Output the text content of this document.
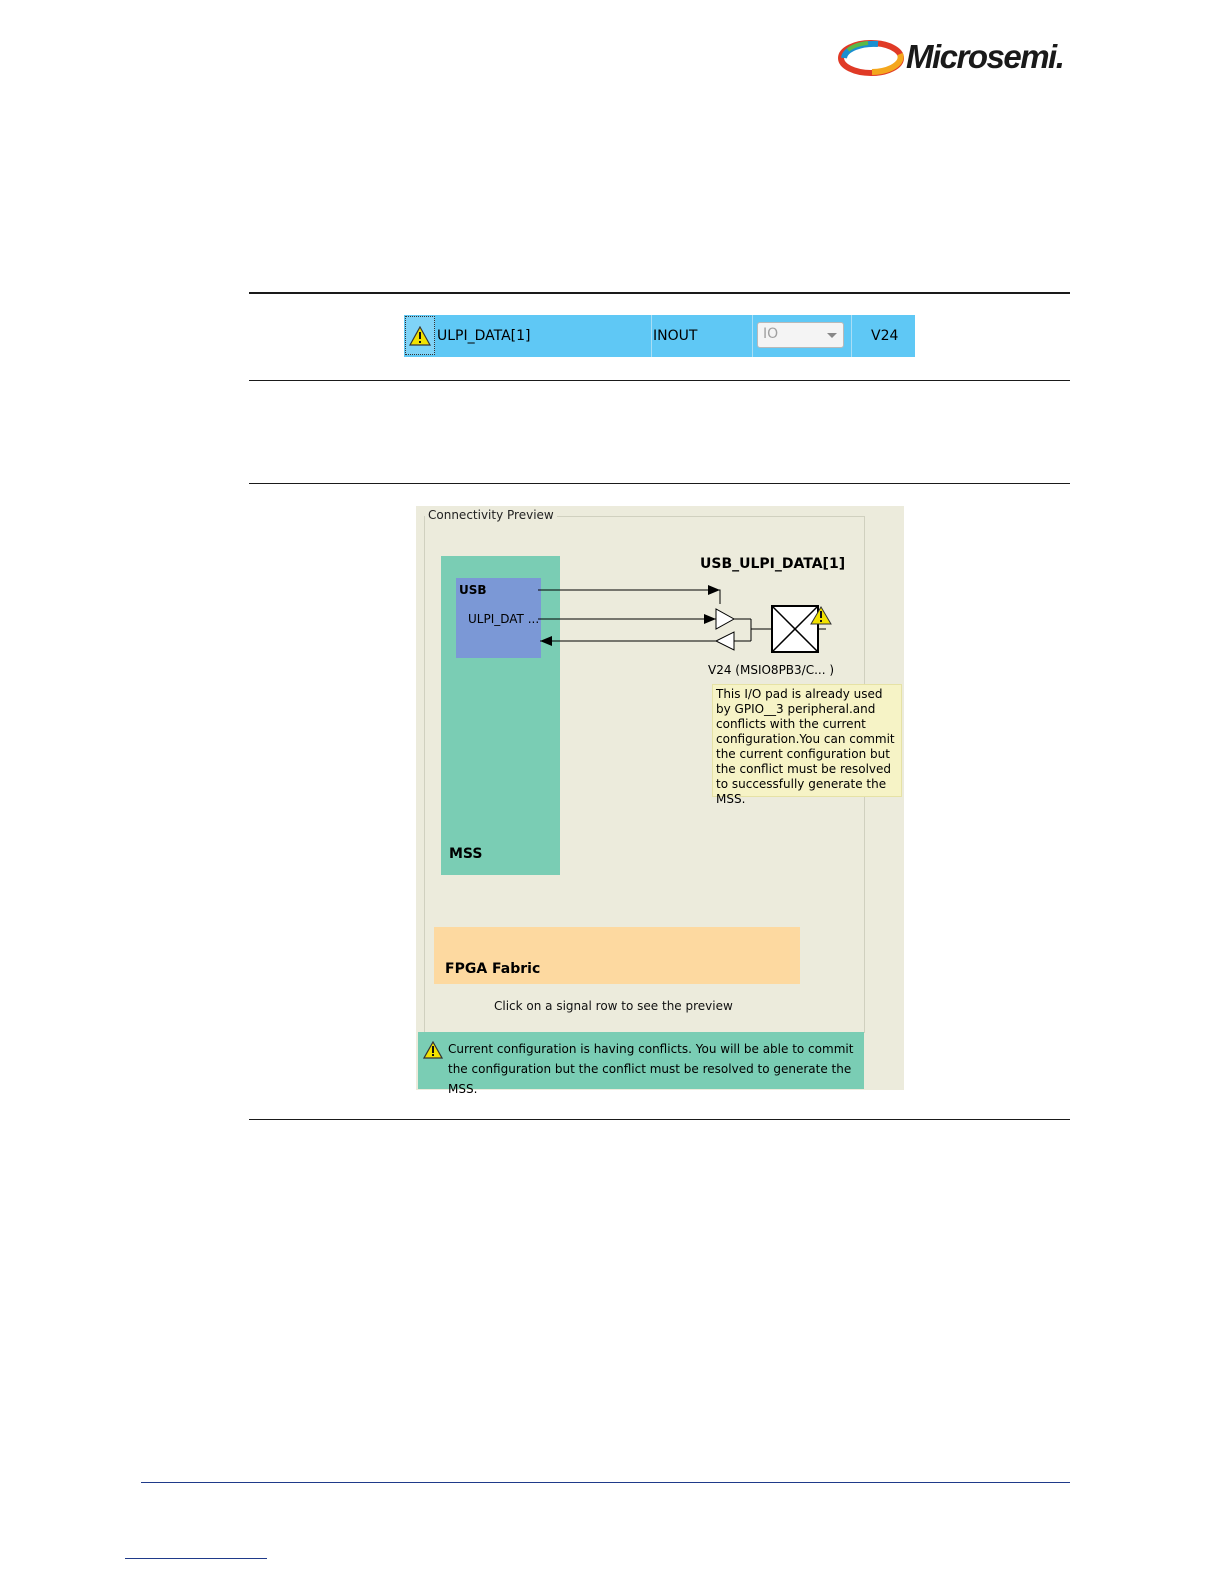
Microsemi.
ULPI_DATA[1]	INOUT	IO	V24
Connectivity Preview
MSS
USB
ULPI_DAT ...
USB_ULPI_DATA[1]
V24 (MSIO8PB3/C... )
This I/O pad is already used by GPIO__3 peripheral.and conflicts with the current configuration.You can commit the current configuration but the conflict must be resolved to successfully generate the MSS.
FPGA Fabric
Click on a signal row to see the preview
Current configuration is having conflicts. You will be able to commit the configuration but the conflict must be resolved to generate the MSS.
